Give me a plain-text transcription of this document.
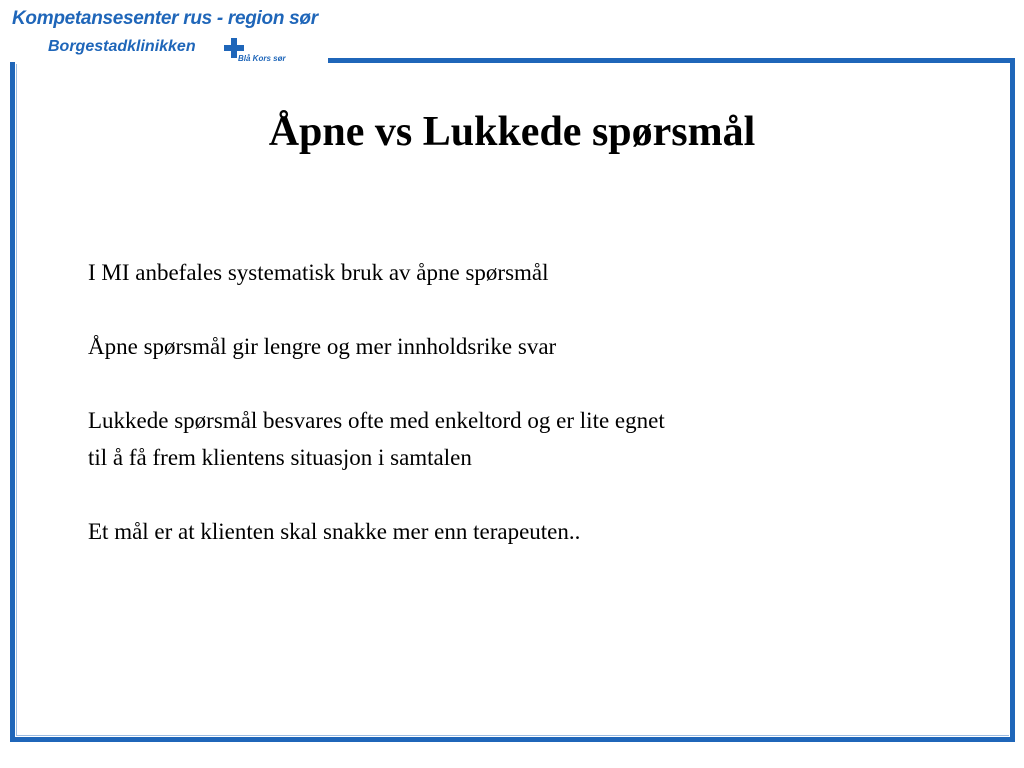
Kompetansesenter rus - region sør
Borgestadklinikken
Blå Kors sør
Åpne vs Lukkede spørsmål

I MI anbefales systematisk bruk av åpne spørsmål

Åpne spørsmål gir lengre og mer innholdsrike svar

Lukkede spørsmål besvares ofte med enkeltord og er lite egnet
til å få frem klientens situasjon i samtalen

Et mål er at klienten skal snakke mer enn terapeuten..
